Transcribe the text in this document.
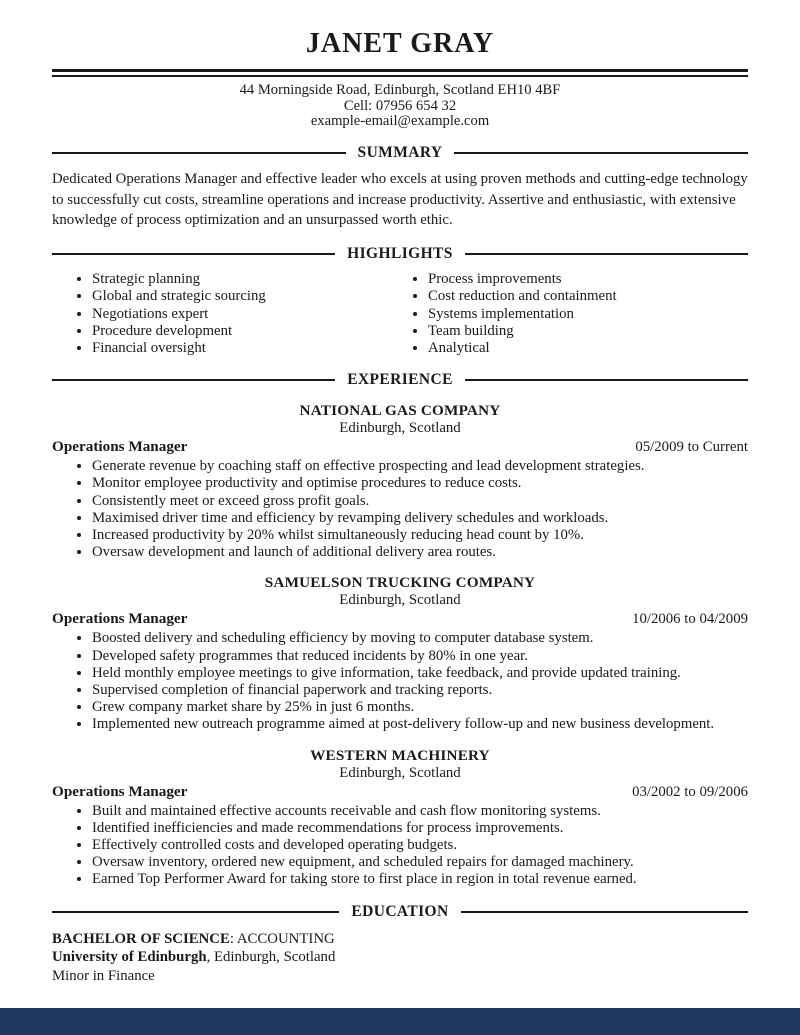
JANET GRAY
44 Morningside Road, Edinburgh, Scotland EH10 4BF
Cell: 07956 654 32
example-email@example.com
SUMMARY

Dedicated Operations Manager and effective leader who excels at using proven methods and cutting-edge technology to successfully cut costs, streamline operations and increase productivity. Assertive and enthusiastic, with extensive knowledge of process optimization and an unsurpassed worth ethic.

HIGHLIGHTS
• Strategic planning
• Global and strategic sourcing
• Negotiations expert
• Procedure development
• Financial oversight
• Process improvements
• Cost reduction and containment
• Systems implementation
• Team building
• Analytical
EXPERIENCE
NATIONAL GAS COMPANY
Edinburgh, Scotland
Operations Manager	05/2009 to Current
• Generate revenue by coaching staff on effective prospecting and lead development strategies.
• Monitor employee productivity and optimise procedures to reduce costs.
• Consistently meet or exceed gross profit goals.
• Maximised driver time and efficiency by revamping delivery schedules and workloads.
• Increased productivity by 20% whilst simultaneously reducing head count by 10%.
• Oversaw development and launch of additional delivery area routes.
SAMUELSON TRUCKING COMPANY
Edinburgh, Scotland
Operations Manager	10/2006 to 04/2009
• Boosted delivery and scheduling efficiency by moving to computer database system.
• Developed safety programmes that reduced incidents by 80% in one year.
• Held monthly employee meetings to give information, take feedback, and provide updated training.
• Supervised completion of financial paperwork and tracking reports.
• Grew company market share by 25% in just 6 months.
• Implemented new outreach programme aimed at post-delivery follow-up and new business development.
WESTERN MACHINERY
Edinburgh, Scotland
Operations Manager	03/2002 to 09/2006
• Built and maintained effective accounts receivable and cash flow monitoring systems.
• Identified inefficiencies and made recommendations for process improvements.
• Effectively controlled costs and developed operating budgets.
• Oversaw inventory, ordered new equipment, and scheduled repairs for damaged machinery.
• Earned Top Performer Award for taking store to first place in region in total revenue earned.
EDUCATION
BACHELOR OF SCIENCE: ACCOUNTING
University of Edinburgh, Edinburgh, Scotland
Minor in Finance
